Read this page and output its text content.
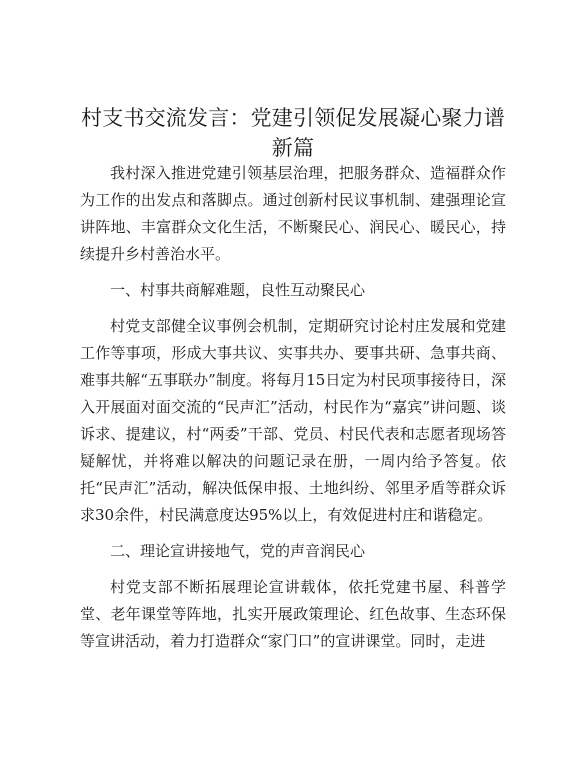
村支书交流发言：党建引领促发展凝心聚力谱新篇

我村深入推进党建引领基层治理，把服务群众、造福群众作为工作的出发点和落脚点。通过创新村民议事机制、建强理论宣讲阵地、丰富群众文化生活，不断聚民心、润民心、暖民心，持续提升乡村善治水平。

一、村事共商解难题，良性互动聚民心

村党支部健全议事例会机制，定期研究讨论村庄发展和党建工作等事项，形成大事共议、实事共办、要事共研、急事共商、难事共解“五事联办”制度。将每月15日定为村民项事接待日，深入开展面对面交流的“民声汇”活动，村民作为“嘉宾”讲问题、谈诉求、提建议，村“两委”干部、党员、村民代表和志愿者现场答疑解忧，并将难以解决的问题记录在册，一周内给予答复。依托“民声汇”活动，解决低保申报、土地纠纷、邻里矛盾等群众诉求30余件，村民满意度达95%以上，有效促进村庄和谐稳定。

二、理论宣讲接地气，党的声音润民心

村党支部不断拓展理论宣讲载体，依托党建书屋、科普学堂、老年课堂等阵地，扎实开展政策理论、红色故事、生态环保等宣讲活动，着力打造群众“家门口”的宣讲课堂。同时，走进
